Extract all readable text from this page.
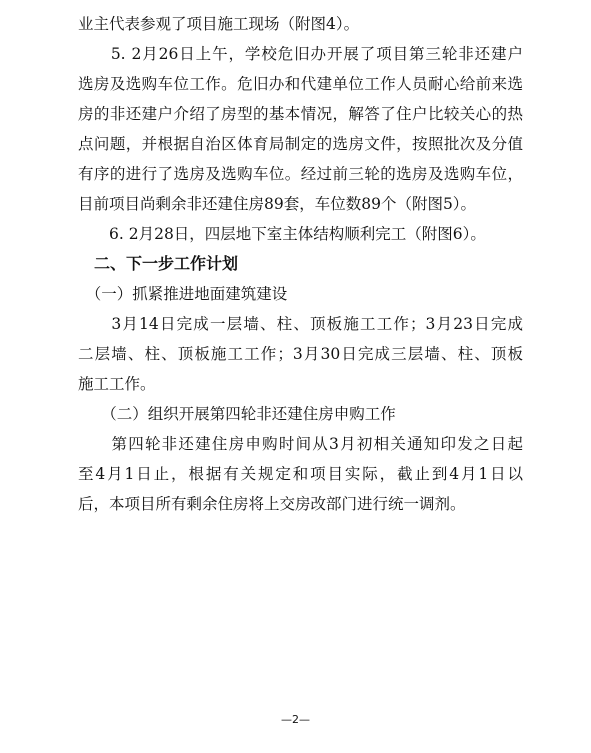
业主代表参观了项目施工现场（附图4）。
　　5. 2月26日上午，学校危旧办开展了项目第三轮非还建户
选房及选购车位工作。危旧办和代建单位工作人员耐心给前来选
房的非还建户介绍了房型的基本情况，解答了住户比较关心的热
点问题，并根据自治区体育局制定的选房文件，按照批次及分值
有序的进行了选房及选购车位。经过前三轮的选房及选购车位，
目前项目尚剩余非还建住房89套，车位数89个（附图5）。
　　6. 2月28日，四层地下室主体结构顺利完工（附图6）。
　二、下一步工作计划
　（一）抓紧推进地面建筑建设
　　3月14日完成一层墙、柱、顶板施工工作；3月23日完成
二层墙、柱、顶板施工工作；3月30日完成三层墙、柱、顶板
施工工作。
　　（二）组织开展第四轮非还建住房申购工作
　　第四轮非还建住房申购时间从3月初相关通知印发之日起
至4月1日止，根据有关规定和项目实际，截止到4月1日以
后，本项目所有剩余住房将上交房改部门进行统一调剂。
—2—
